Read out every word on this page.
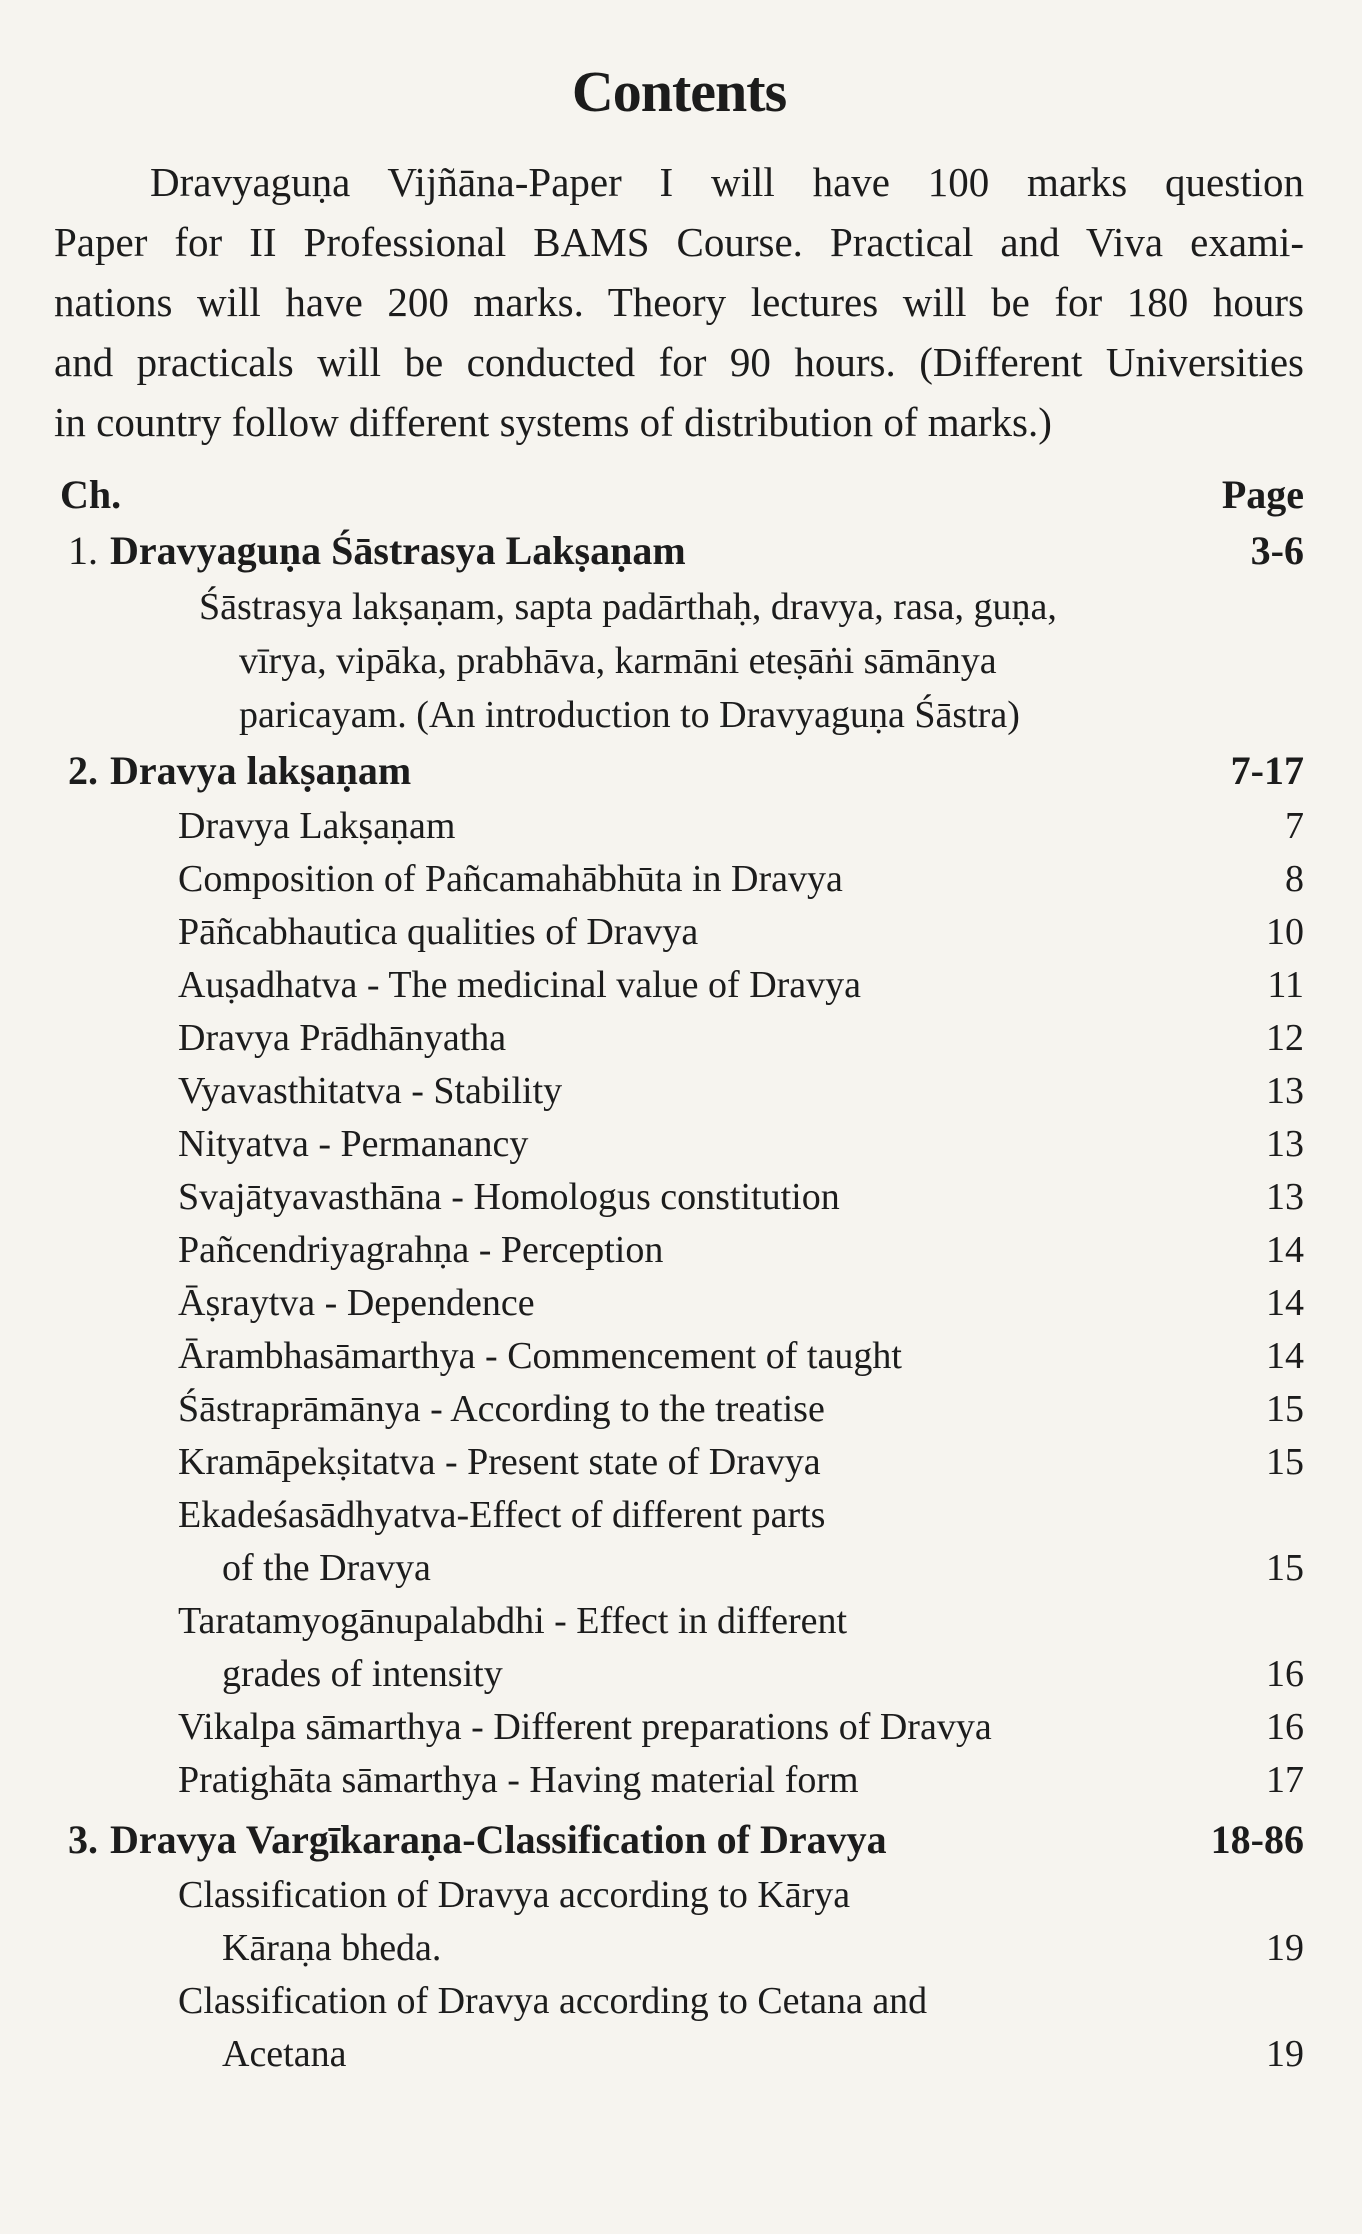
Contents
Dravyaguṇa Vijñāna-Paper I will have 100 marks question
Paper for II Professional BAMS Course. Practical and Viva exami-
nations will have 200 marks. Theory lectures will be for 180 hours
and practicals will be conducted for 90 hours. (Different Universities
in country follow different systems of distribution of marks.)
Ch.	Page
1. Dravyaguṇa Śāstrasya Lakṣaṇam	3-6
Śāstrasya lakṣaṇam, sapta padārthaḥ, dravya, rasa, guṇa,
vīrya, vipāka, prabhāva, karmāni eteṣāṅi sāmānya
paricayam. (An introduction to Dravyaguṇa Śāstra)
2. Dravya lakṣaṇam	7-17
Dravya Lakṣaṇam	7
Composition of Pañcamahābhūta in Dravya	8
Pāñcabhautica qualities of Dravya	10
Auṣadhatva - The medicinal value of Dravya	11
Dravya Prādhānyatha	12
Vyavasthitatva - Stability	13
Nityatva - Permanancy	13
Svajātyavasthāna - Homologus constitution	13
Pañcendriyagrahṇa - Perception	14
Āṣraytva - Dependence	14
Ārambhasāmarthya - Commencement of taught	14
Śāstraprāmānya - According to the treatise	15
Kramāpekṣitatva - Present state of Dravya	15
Ekadeśasādhyatva-Effect of different parts
of the Dravya	15
Taratamyogānupalabdhi - Effect in different
grades of intensity	16
Vikalpa sāmarthya - Different preparations of Dravya	16
Pratighāta sāmarthya - Having material form	17
3. Dravya Vargīkaraṇa-Classification of Dravya	18-86
Classification of Dravya according to Kārya
Kāraṇa bheda.	19
Classification of Dravya according to Cetana and
Acetana	19
